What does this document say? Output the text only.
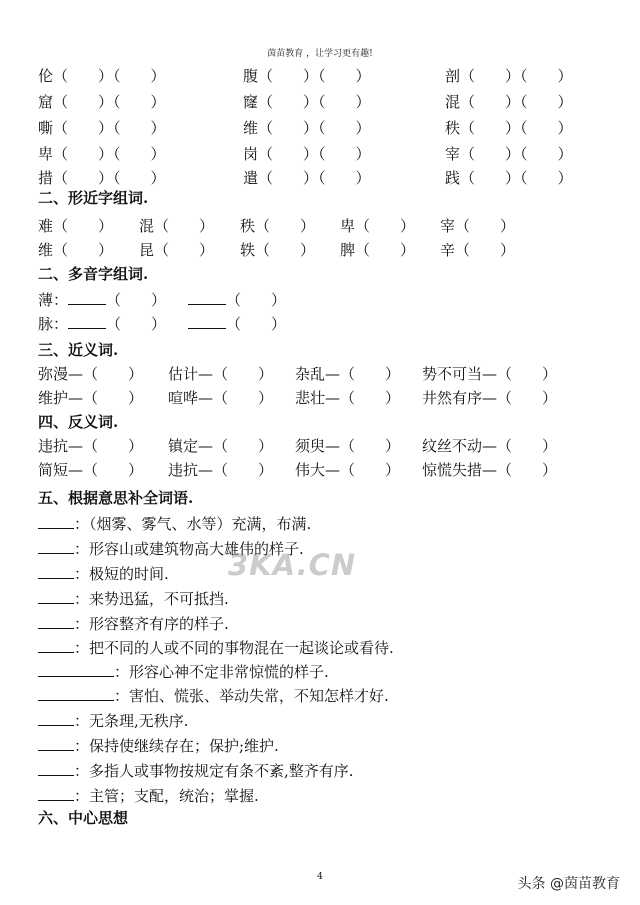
茵苗教育 ，让学习更有趣!
伦（　　）（　　）	腹（　　）（　　）	剖（　　）（　　）
窟（　　）（　　）	窿（　　）（　　）	混（　　）（　　）
嘶（　　）（　　）	维（　　）（　　）	秩（　　）（　　）
卑（　　）（　　）	岗（　　）（　　）	宰（　　）（　　）
措（　　）（　　）	遣（　　）（　　）	践（　　）（　　）
二、形近字组词.
难（　　） 混（　　） 秩（　　） 卑（　　） 宰（　　）
维（　　） 昆（　　） 轶（　　） 脾（　　） 辛（　　）
二、多音字组词.
薄：	（　　）	（　　）
脉：	（　　）	（　　）
三、近义词.
弥漫—（　　） 估计—（　　） 杂乱—（　　） 势不可当—（　　）
维护—（　　） 喧哗—（　　） 悲壮—（　　） 井然有序—（　　）
四、反义词.
违抗—（　　） 镇定—（　　） 须臾—（　　） 纹丝不动—（　　）
简短—（　　） 违抗—（　　） 伟大—（　　） 惊慌失措—（　　）
五、根据意思补全词语.
：（烟雾、雾气、水等）充满，布满.
：形容山或建筑物高大雄伟的样子.
：极短的时间.
：来势迅猛，不可抵挡.
：形容整齐有序的样子.
：把不同的人或不同的事物混在一起谈论或看待.
：形容心神不定非常惊慌的样子.
：害怕、慌张、举动失常，不知怎样才好.
：无条理,无秩序.
：保持使继续存在；保护;维护.
：多指人或事物按规定有条不紊,整齐有序.
：主管；支配，统治；掌握.
六、中心思想
3KA.CN
4	头条 @茵苗教育
